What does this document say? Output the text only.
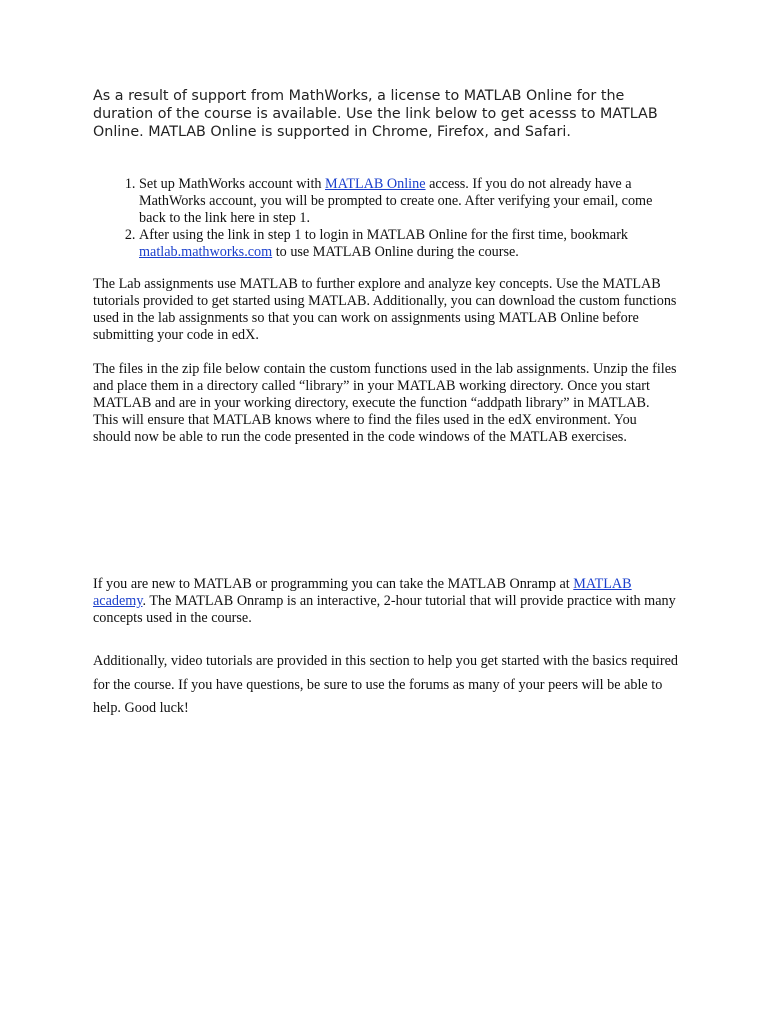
As a result of support from MathWorks, a license to MATLAB Online for the duration of the course is available. Use the link below to get acesss to MATLAB Online. MATLAB Online is supported in Chrome, Firefox, and Safari.

1. Set up MathWorks account with MATLAB Online access. If you do not already have a MathWorks account, you will be prompted to create one. After verifying your email, come back to the link here in step 1.
2. After using the link in step 1 to login in MATLAB Online for the first time, bookmark matlab.mathworks.com to use MATLAB Online during the course.

The Lab assignments use MATLAB to further explore and analyze key concepts. Use the MATLAB tutorials provided to get started using MATLAB. Additionally, you can download the custom functions used in the lab assignments so that you can work on assignments using MATLAB Online before submitting your code in edX.

The files in the zip file below contain the custom functions used in the lab assignments. Unzip the files and place them in a directory called “library” in your MATLAB working directory. Once you start MATLAB and are in your working directory, execute the function “addpath library” in MATLAB. This will ensure that MATLAB knows where to find the files used in the edX environment. You should now be able to run the code presented in the code windows of the MATLAB exercises.

If you are new to MATLAB or programming you can take the MATLAB Onramp at MATLAB academy. The MATLAB Onramp is an interactive, 2-hour tutorial that will provide practice with many concepts used in the course.

Additionally, video tutorials are provided in this section to help you get started with the basics required for the course. If you have questions, be sure to use the forums as many of your peers will be able to help. Good luck!
